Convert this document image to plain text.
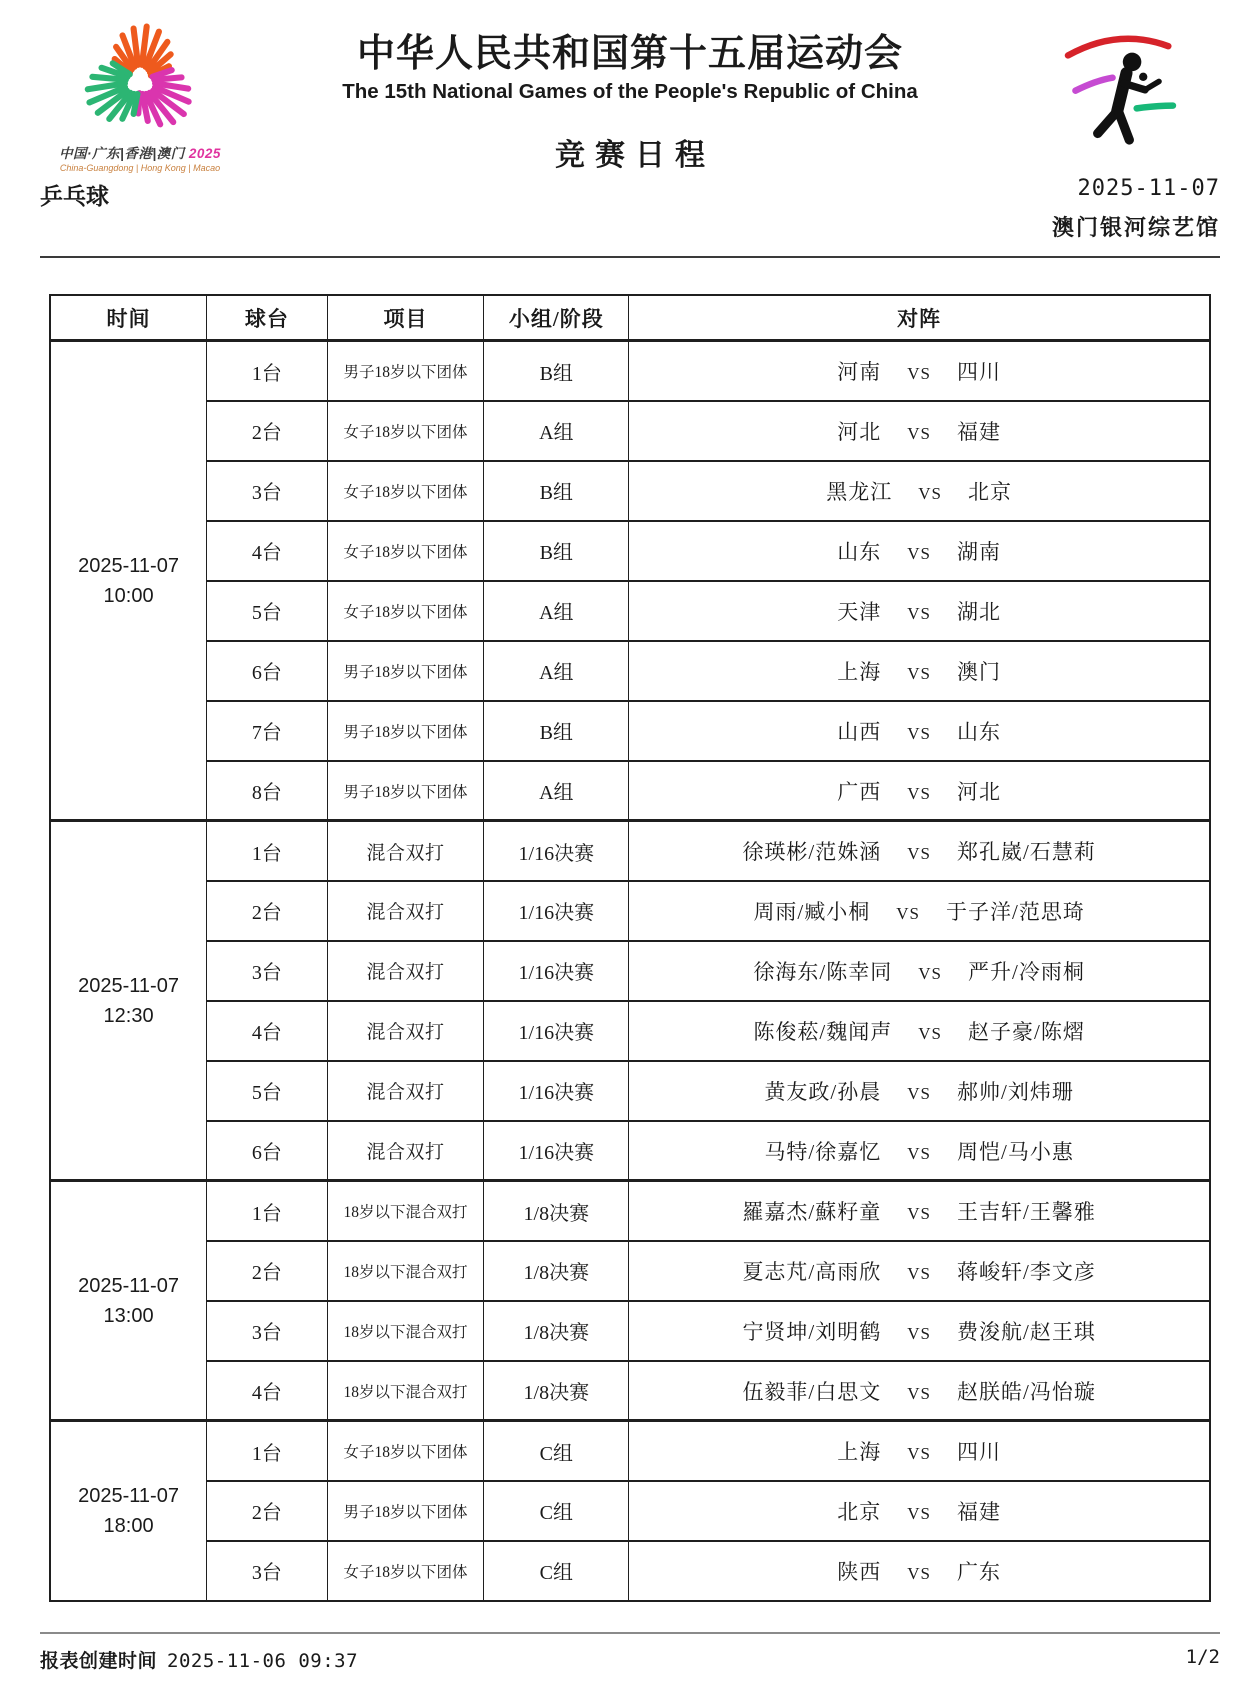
中国·广东|香港|澳门 2025
China-Guangdong | Hong Kong | Macao
中华人民共和国第十五届运动会
The 15th National Games of the People's Republic of China
竞赛日程
乒乓球	2025-11-07
澳门银河综艺馆
时间	球台	项目	小组/阶段	对阵

2025-11-07
10:00	1台	男子18岁以下团体	B组	河南 VS 四川
	2台	女子18岁以下团体	A组	河北 VS 福建
	3台	女子18岁以下团体	B组	黑龙江 VS 北京
	4台	女子18岁以下团体	B组	山东 VS 湖南
	5台	女子18岁以下团体	A组	天津 VS 湖北
	6台	男子18岁以下团体	A组	上海 VS 澳门
	7台	男子18岁以下团体	B组	山西 VS 山东
	8台	男子18岁以下团体	A组	广西 VS 河北

2025-11-07
12:30	1台	混合双打	1/16决赛	徐瑛彬/范姝涵 VS 郑孔崴/石慧莉
	2台	混合双打	1/16决赛	周雨/臧小桐 VS 于子洋/范思琦
	3台	混合双打	1/16决赛	徐海东/陈幸同 VS 严升/冷雨桐
	4台	混合双打	1/16决赛	陈俊菘/魏闻声 VS 赵子豪/陈熠
	5台	混合双打	1/16决赛	黄友政/孙晨 VS 郝帅/刘炜珊
	6台	混合双打	1/16决赛	马特/徐嘉忆 VS 周恺/马小惠

2025-11-07
13:00	1台	18岁以下混合双打	1/8决赛	羅嘉杰/蘇籽童 VS 王吉轩/王馨雅
	2台	18岁以下混合双打	1/8决赛	夏志芃/高雨欣 VS 蒋峻轩/李文彦
	3台	18岁以下混合双打	1/8决赛	宁贤坤/刘明鹤 VS 费浚航/赵王琪
	4台	18岁以下混合双打	1/8决赛	伍毅菲/白思文 VS 赵朕皓/冯怡璇

2025-11-07
18:00	1台	女子18岁以下团体	C组	上海 VS 四川
	2台	男子18岁以下团体	C组	北京 VS 福建
	3台	女子18岁以下团体	C组	陕西 VS 广东
报表创建时间 2025-11-06 09:37	1/2
